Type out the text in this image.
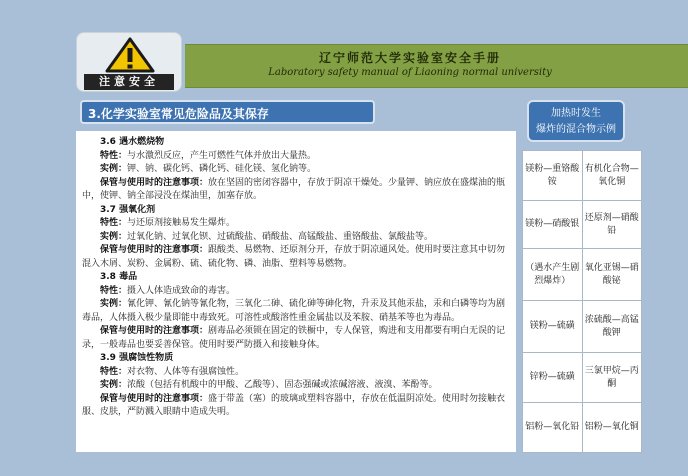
注意安全
辽宁师范大学实验室安全手册
Laboratory safety manual of Liaoning normal university
3.化学实验室常见危险品及其保存

3.6 遇水燃烧物

特性：与水激烈反应，产生可燃性气体并放出大量热。

实例：钾、钠、碳化钙、磷化钙、硅化镁、氢化钠等。

保管与使用时的注意事项：放在坚固的密闭容器中，存放于阴凉干燥处。少量钾、钠应放在盛煤油的瓶中，使钾、钠全部浸没在煤油里，加塞存放。

3.7 强氧化剂

特性：与还原剂接触易发生爆炸。

实例：过氧化钠、过氧化钡、过硫酸盐、硝酸盐、高锰酸盐、重铬酸盐、氯酸盐等。

保管与使用时的注意事项：跟酸类、易燃物、还原剂分开，存放于阴凉通风处。使用时要注意其中切勿混入木屑、炭粉、金属粉、硫、硫化物、磷、油脂、塑料等易燃物。

3.8 毒品

特性：摄入人体造成致命的毒害。

实例：氰化钾、氰化钠等氰化物，三氧化二砷、硫化砷等砷化物，升汞及其他汞盐，汞和白磷等均为剧毒品，人体摄入极少量即能中毒致死。可溶性或酸溶性重金属盐以及苯胺、硝基苯等也为毒品。

保管与使用时的注意事项：剧毒品必须锁在固定的铁橱中，专人保管，购进和支用都要有明白无误的记录，一般毒品也要妥善保管。使用时要严防摄入和接触身体。

3.9 强腐蚀性物质

特性：对衣物、人体等有强腐蚀性。

实例：浓酸（包括有机酸中的甲酸、乙酸等）、固态强碱或浓碱溶液、液溴、苯酚等。

保管与使用时的注意事项：盛于带盖（塞）的玻璃或塑料容器中，存放在低温阴凉处。使用时勿接触衣服、皮肤，严防溅入眼睛中造成失明。

加热时发生
爆炸的混合物示例
镁粉—重铬酸铵	有机化合物—氧化铜
镁粉—硝酸银	还原剂—硝酸铅
（遇水产生剧烈爆炸）	氧化亚锡—硝酸铋
镁粉—硫磺	浓硫酸—高锰酸钾
锌粉—硫磺	三氯甲烷—丙酮
铝粉—氧化铅	铝粉—氧化铜
